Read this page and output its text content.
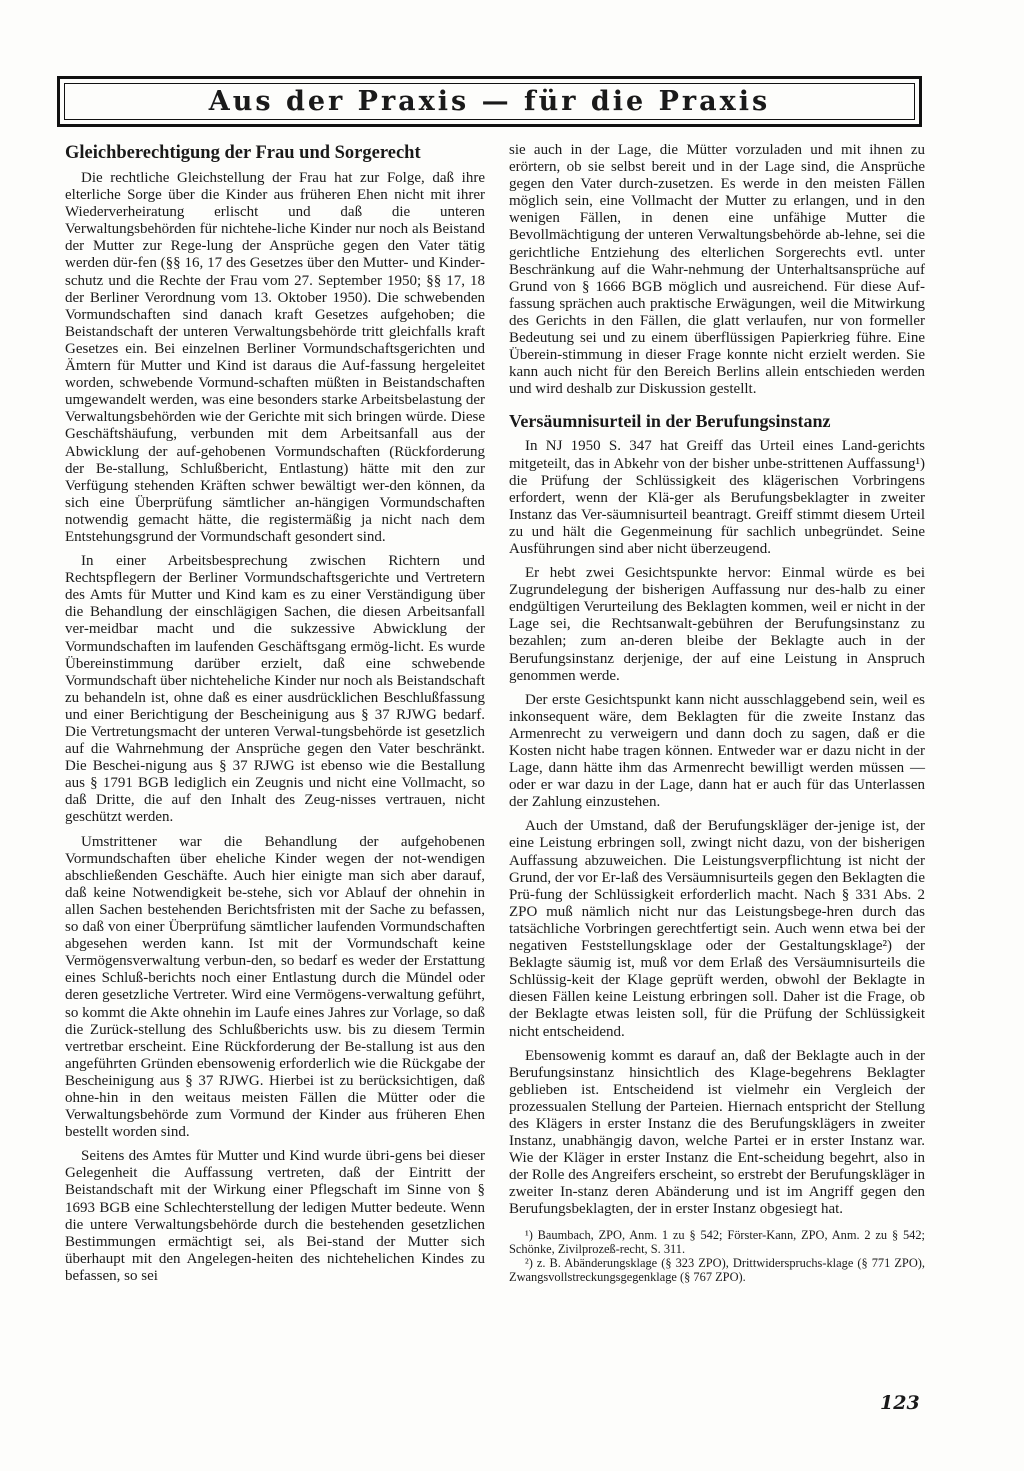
Aus der Praxis — für die Praxis
Gleichberechtigung der Frau und Sorgerecht

Die rechtliche Gleichstellung der Frau hat zur Folge, daß ihre elterliche Sorge über die Kinder aus früheren Ehen nicht mit ihrer Wiederverheiratung erlischt und daß die unteren Verwaltungsbehörden für nichtehe-liche Kinder nur noch als Beistand der Mutter zur Rege-lung der Ansprüche gegen den Vater tätig werden dür-fen (§§ 16, 17 des Gesetzes über den Mutter- und Kinder-schutz und die Rechte der Frau vom 27. September 1950; §§ 17, 18 der Berliner Verordnung vom 13. Oktober 1950). Die schwebenden Vormundschaften sind danach kraft Gesetzes aufgehoben; die Beistandschaft der unteren Verwaltungsbehörde tritt gleichfalls kraft Gesetzes ein. Bei einzelnen Berliner Vormundschaftsgerichten und Ämtern für Mutter und Kind ist daraus die Auf-fassung hergeleitet worden, schwebende Vormund-schaften müßten in Beistandschaften umgewandelt werden, was eine besonders starke Arbeitsbelastung der Verwaltungsbehörden wie der Gerichte mit sich bringen würde. Diese Geschäftshäufung, verbunden mit dem Arbeitsanfall aus der Abwicklung der auf-gehobenen Vormundschaften (Rückforderung der Be-stallung, Schlußbericht, Entlastung) hätte mit den zur Verfügung stehenden Kräften schwer bewältigt wer-den können, da sich eine Überprüfung sämtlicher an-hängigen Vormundschaften notwendig gemacht hätte, die registermäßig ja nicht nach dem Entstehungsgrund der Vormundschaft gesondert sind.

In einer Arbeitsbesprechung zwischen Richtern und Rechtspflegern der Berliner Vormundschaftsgerichte und Vertretern des Amts für Mutter und Kind kam es zu einer Verständigung über die Behandlung der einschlägigen Sachen, die diesen Arbeitsanfall ver-meidbar macht und die sukzessive Abwicklung der Vormundschaften im laufenden Geschäftsgang ermög-licht. Es wurde Übereinstimmung darüber erzielt, daß eine schwebende Vormundschaft über nichteheliche Kinder nur noch als Beistandschaft zu behandeln ist, ohne daß es einer ausdrücklichen Beschlußfassung und einer Berichtigung der Bescheinigung aus § 37 RJWG bedarf. Die Vertretungsmacht der unteren Verwal-tungsbehörde ist gesetzlich auf die Wahrnehmung der Ansprüche gegen den Vater beschränkt. Die Beschei-nigung aus § 37 RJWG ist ebenso wie die Bestallung aus § 1791 BGB lediglich ein Zeugnis und nicht eine Vollmacht, so daß Dritte, die auf den Inhalt des Zeug-nisses vertrauen, nicht geschützt werden.

Umstrittener war die Behandlung der aufgehobenen Vormundschaften über eheliche Kinder wegen der not-wendigen abschließenden Geschäfte. Auch hier einigte man sich aber darauf, daß keine Notwendigkeit be-stehe, sich vor Ablauf der ohnehin in allen Sachen bestehenden Berichtsfristen mit der Sache zu befassen, so daß von einer Überprüfung sämtlicher laufenden Vormundschaften abgesehen werden kann. Ist mit der Vormundschaft keine Vermögensverwaltung verbun-den, so bedarf es weder der Erstattung eines Schluß-berichts noch einer Entlastung durch die Mündel oder deren gesetzliche Vertreter. Wird eine Vermögens-verwaltung geführt, so kommt die Akte ohnehin im Laufe eines Jahres zur Vorlage, so daß die Zurück-stellung des Schlußberichts usw. bis zu diesem Termin vertretbar erscheint. Eine Rückforderung der Be-stallung ist aus den angeführten Gründen ebensowenig erforderlich wie die Rückgabe der Bescheinigung aus § 37 RJWG. Hierbei ist zu berücksichtigen, daß ohne-hin in den weitaus meisten Fällen die Mütter oder die Verwaltungsbehörde zum Vormund der Kinder aus früheren Ehen bestellt worden sind.

Seitens des Amtes für Mutter und Kind wurde übri-gens bei dieser Gelegenheit die Auffassung vertreten, daß der Eintritt der Beistandschaft mit der Wirkung einer Pflegschaft im Sinne von § 1693 BGB eine Schlechterstellung der ledigen Mutter bedeute. Wenn die untere Verwaltungsbehörde durch die bestehenden gesetzlichen Bestimmungen ermächtigt sei, als Bei-stand der Mutter sich überhaupt mit den Angelegen-heiten des nichtehelichen Kindes zu befassen, so sei

sie auch in der Lage, die Mütter vorzuladen und mit ihnen zu erörtern, ob sie selbst bereit und in der Lage sind, die Ansprüche gegen den Vater durch-zusetzen. Es werde in den meisten Fällen möglich sein, eine Vollmacht der Mutter zu erlangen, und in den wenigen Fällen, in denen eine unfähige Mutter die Bevollmächtigung der unteren Verwaltungsbehörde ab-lehne, sei die gerichtliche Entziehung des elterlichen Sorgerechts evtl. unter Beschränkung auf die Wahr-nehmung der Unterhaltsansprüche auf Grund von § 1666 BGB möglich und ausreichend. Für diese Auf-fassung sprächen auch praktische Erwägungen, weil die Mitwirkung des Gerichts in den Fällen, die glatt verlaufen, nur von formeller Bedeutung sei und zu einem überflüssigen Papierkrieg führe. Eine Überein-stimmung in dieser Frage konnte nicht erzielt werden. Sie kann auch nicht für den Bereich Berlins allein entschieden werden und wird deshalb zur Diskussion gestellt.

Versäumnisurteil in der Berufungsinstanz

In NJ 1950 S. 347 hat Greiff das Urteil eines Land-gerichts mitgeteilt, das in Abkehr von der bisher unbe-strittenen Auffassung¹) die Prüfung der Schlüssigkeit des klägerischen Vorbringens erfordert, wenn der Klä-ger als Berufungsbeklagter in zweiter Instanz das Ver-säumnisurteil beantragt. Greiff stimmt diesem Urteil zu und hält die Gegenmeinung für sachlich unbegründet. Seine Ausführungen sind aber nicht überzeugend.

Er hebt zwei Gesichtspunkte hervor: Einmal würde es bei Zugrundelegung der bisherigen Auffassung nur des-halb zu einer endgültigen Verurteilung des Beklagten kommen, weil er nicht in der Lage sei, die Rechtsanwalt-gebühren der Berufungsinstanz zu bezahlen; zum an-deren bleibe der Beklagte auch in der Berufungsinstanz derjenige, der auf eine Leistung in Anspruch genommen werde.

Der erste Gesichtspunkt kann nicht ausschlaggebend sein, weil es inkonsequent wäre, dem Beklagten für die zweite Instanz das Armenrecht zu verweigern und dann doch zu sagen, daß er die Kosten nicht habe tragen können. Entweder war er dazu nicht in der Lage, dann hätte ihm das Armenrecht bewilligt werden müssen — oder er war dazu in der Lage, dann hat er auch für das Unterlassen der Zahlung einzustehen.

Auch der Umstand, daß der Berufungskläger der-jenige ist, der eine Leistung erbringen soll, zwingt nicht dazu, von der bisherigen Auffassung abzuweichen. Die Leistungsverpflichtung ist nicht der Grund, der vor Er-laß des Versäumnisurteils gegen den Beklagten die Prü-fung der Schlüssigkeit erforderlich macht. Nach § 331 Abs. 2 ZPO muß nämlich nicht nur das Leistungsbege-hren durch das tatsächliche Vorbringen gerechtfertigt sein. Auch wenn etwa bei der negativen Feststellungsklage oder der Gestaltungsklage²) der Beklagte säumig ist, muß vor dem Erlaß des Versäumnisurteils die Schlüssig-keit der Klage geprüft werden, obwohl der Beklagte in diesen Fällen keine Leistung erbringen soll. Daher ist die Frage, ob der Beklagte etwas leisten soll, für die Prüfung der Schlüssigkeit nicht entscheidend.

Ebensowenig kommt es darauf an, daß der Beklagte auch in der Berufungsinstanz hinsichtlich des Klage-begehrens Beklagter geblieben ist. Entscheidend ist vielmehr ein Vergleich der prozessualen Stellung der Parteien. Hiernach entspricht der Stellung des Klägers in erster Instanz die des Berufungsklägers in zweiter Instanz, unabhängig davon, welche Partei er in erster Instanz war. Wie der Kläger in erster Instanz die Ent-scheidung begehrt, also in der Rolle des Angreifers erscheint, so erstrebt der Berufungskläger in zweiter In-stanz deren Abänderung und ist im Angriff gegen den Berufungsbeklagten, der in erster Instanz obgesiegt hat.

¹) Baumbach, ZPO, Anm. 1 zu § 542; Förster-Kann, ZPO, Anm. 2 zu § 542; Schönke, Zivilprozeß-recht, S. 311.
²) z. B. Abänderungsklage (§ 323 ZPO), Drittwiderspruchs-klage (§ 771 ZPO), Zwangsvollstreckungsgegenklage (§ 767 ZPO).
123
